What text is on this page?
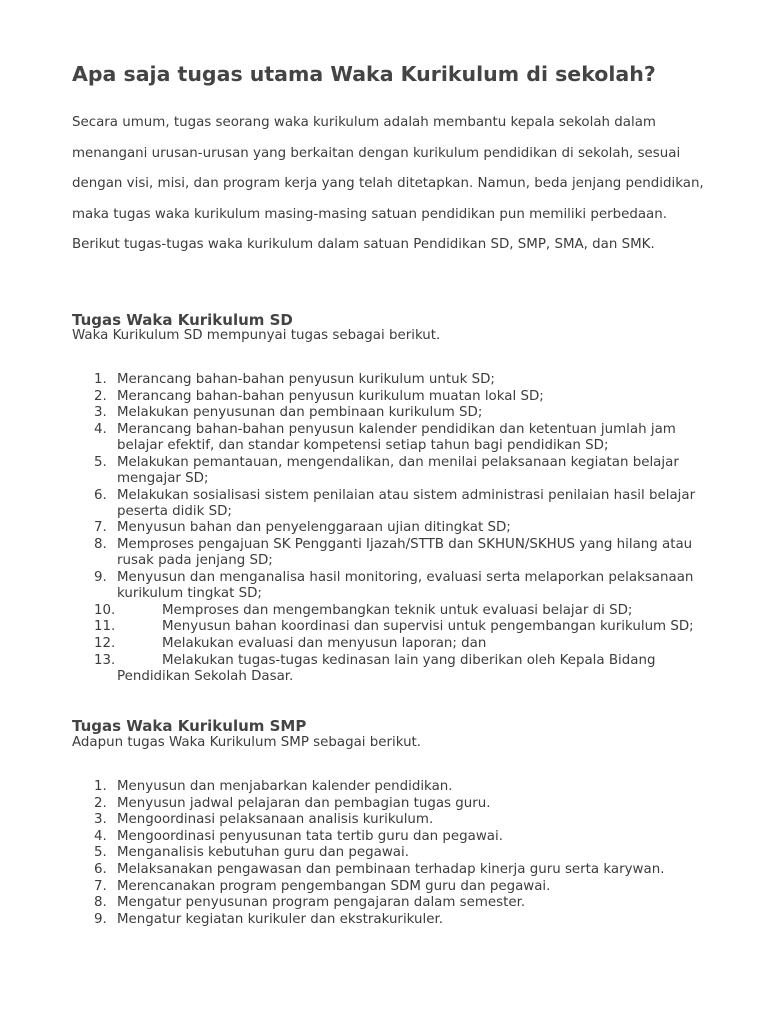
Apa saja tugas utama Waka Kurikulum di sekolah?

Secara umum, tugas seorang waka kurikulum adalah membantu kepala sekolah dalam menangani urusan-urusan yang berkaitan dengan kurikulum pendidikan di sekolah, sesuai dengan visi, misi, dan program kerja yang telah ditetapkan. Namun, beda jenjang pendidikan, maka tugas waka kurikulum masing-masing satuan pendidikan pun memiliki perbedaan. Berikut tugas-tugas waka kurikulum dalam satuan Pendidikan SD, SMP, SMA, dan SMK.

Tugas Waka Kurikulum SD

Waka Kurikulum SD mempunyai tugas sebagai berikut.

1. Merancang bahan-bahan penyusun kurikulum untuk SD;
2. Merancang bahan-bahan penyusun kurikulum muatan lokal SD;
3. Melakukan penyusunan dan pembinaan kurikulum SD;
4. Merancang bahan-bahan penyusun kalender pendidikan dan ketentuan jumlah jam belajar efektif, dan standar kompetensi setiap tahun bagi pendidikan SD;
5. Melakukan pemantauan, mengendalikan, dan menilai pelaksanaan kegiatan belajar mengajar SD;
6. Melakukan sosialisasi sistem penilaian atau sistem administrasi penilaian hasil belajar peserta didik SD;
7. Menyusun bahan dan penyelenggaraan ujian ditingkat SD;
8. Memproses pengajuan SK Pengganti Ijazah/STTB dan SKHUN/SKHUS yang hilang atau rusak pada jenjang SD;
9. Menyusun dan menganalisa hasil monitoring, evaluasi serta melaporkan pelaksanaan kurikulum tingkat SD;
10.	Memproses dan mengembangkan teknik untuk evaluasi belajar di SD;
11.	Menyusun bahan koordinasi dan supervisi untuk pengembangan kurikulum SD;
12.	Melakukan evaluasi dan menyusun laporan; dan
13.	Melakukan tugas-tugas kedinasan lain yang diberikan oleh Kepala Bidang Pendidikan Sekolah Dasar.
Tugas Waka Kurikulum SMP

Adapun tugas Waka Kurikulum SMP sebagai berikut.

1. Menyusun dan menjabarkan kalender pendidikan.
2. Menyusun jadwal pelajaran dan pembagian tugas guru.
3. Mengoordinasi pelaksanaan analisis kurikulum.
4. Mengoordinasi penyusunan tata tertib guru dan pegawai.
5. Menganalisis kebutuhan guru dan pegawai.
6. Melaksanakan pengawasan dan pembinaan terhadap kinerja guru serta karywan.
7. Merencanakan program pengembangan SDM guru dan pegawai.
8. Mengatur penyusunan program pengajaran dalam semester.
9. Mengatur kegiatan kurikuler dan ekstrakurikuler.
